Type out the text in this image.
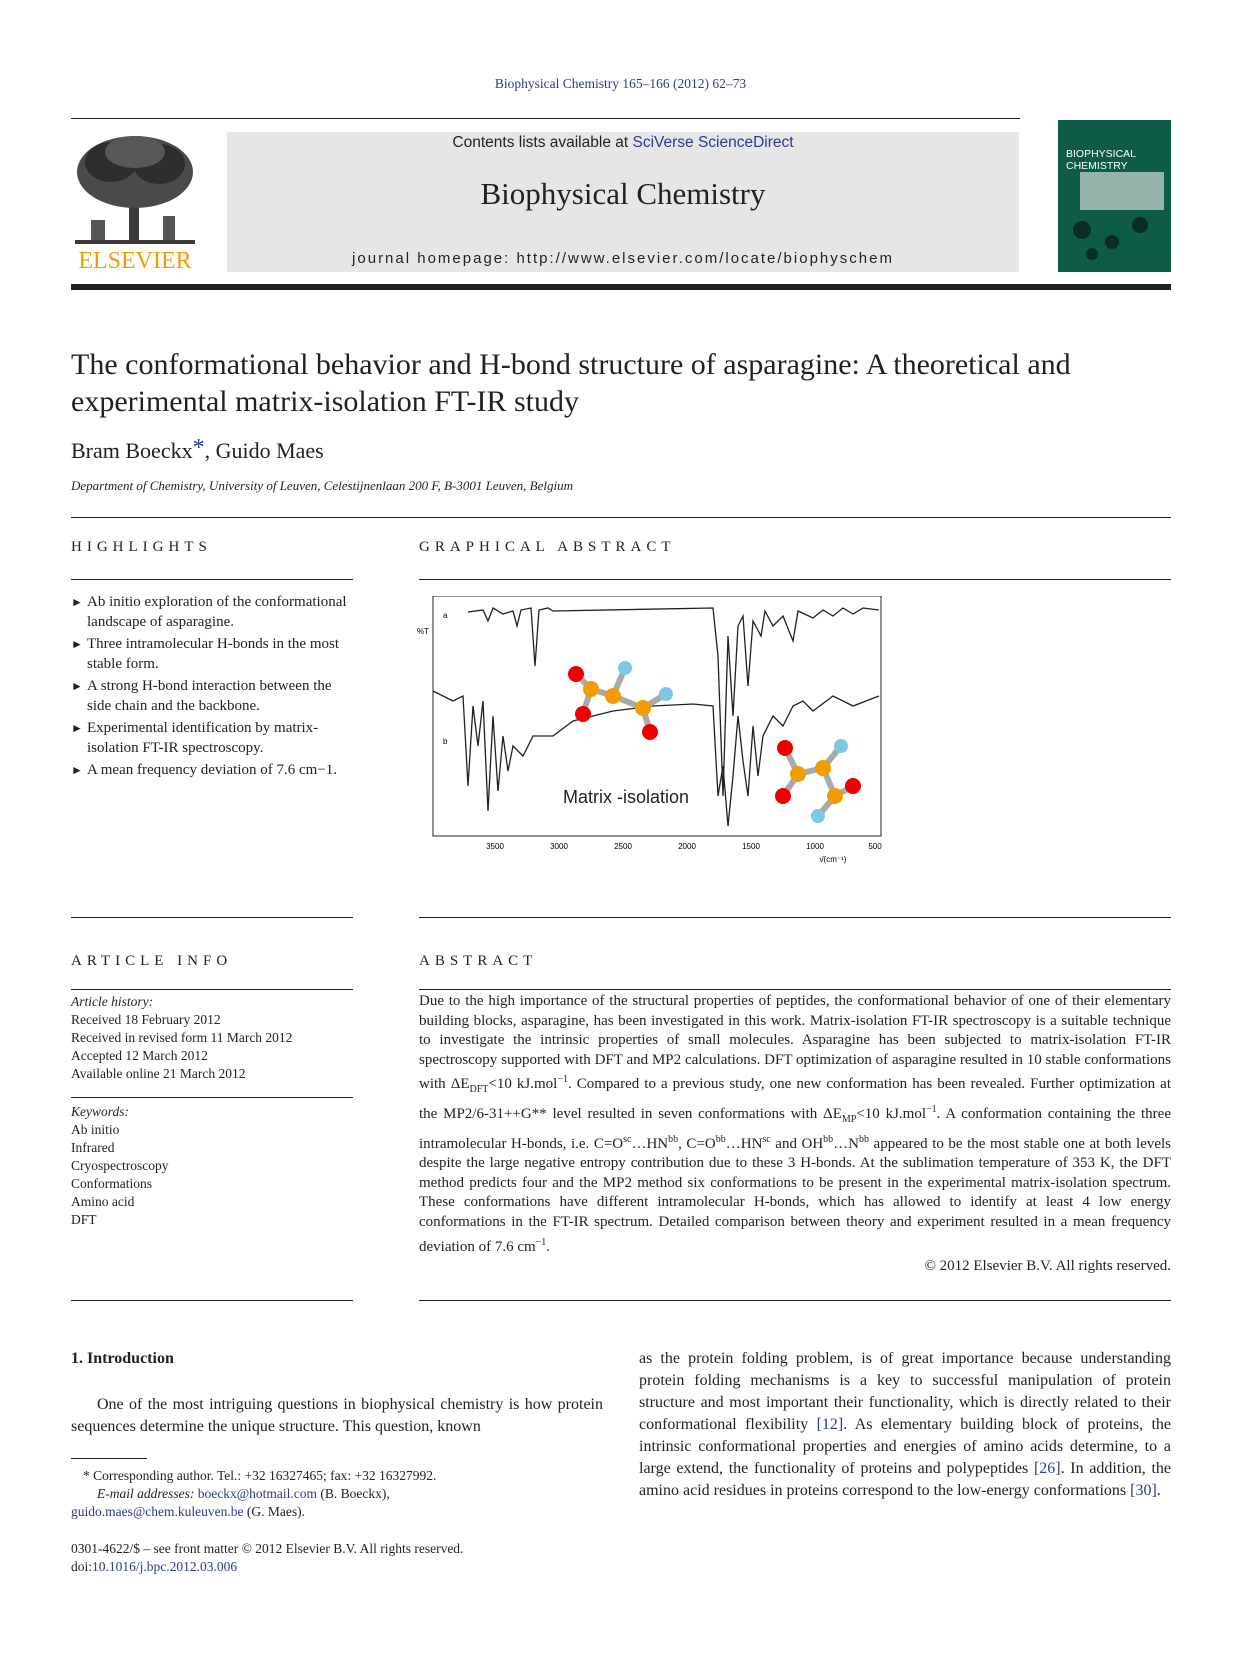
Biophysical Chemistry 165–166 (2012) 62–73
ELSEVIER
Contents lists available at SciVerse ScienceDirect
Biophysical Chemistry
journal homepage: http://www.elsevier.com/locate/biophyschem
BIOPHYSICAL CHEMISTRY
The conformational behavior and H-bond structure of asparagine: A theoretical and experimental matrix-isolation FT-IR study
Bram Boeckx*, Guido Maes
Department of Chemistry, University of Leuven, Celestijnenlaan 200 F, B-3001 Leuven, Belgium
HIGHLIGHTS
► Ab initio exploration of the conformational landscape of asparagine.
► Three intramolecular H-bonds in the most stable form.
► A strong H-bond interaction between the side chain and the backbone.
► Experimental identification by matrix-isolation FT-IR spectroscopy.
► A mean frequency deviation of 7.6 cm−1.
GRAPHICAL ABSTRACT
a
%T
b
Matrix -isolation
3500	3000	2500	2000	1500	1000	500
ν̄(cm⁻¹)
ARTICLE INFO
Article history:
Received 18 February 2012
Received in revised form 11 March 2012
Accepted 12 March 2012
Available online 21 March 2012
Keywords:
Ab initio
Infrared
Cryospectroscopy
Conformations
Amino acid
DFT
ABSTRACT
Due to the high importance of the structural properties of peptides, the conformational behavior of one of their elementary building blocks, asparagine, has been investigated in this work. Matrix-isolation FT-IR spectroscopy is a suitable technique to investigate the intrinsic properties of small molecules. Asparagine has been subjected to matrix-isolation FT-IR spectroscopy supported with DFT and MP2 calculations. DFT optimization of asparagine resulted in 10 stable conformations with $\Delta E_{DFT}<10$ kJ.mol$^{-1}$. Compared to a previous study, one new conformation has been revealed. Further optimization at the MP2/6-31++G** level resulted in seven conformations with $\Delta E_{MP}<10$ kJ.mol$^{-1}$. A conformation containing the three intramolecular H-bonds, i.e. $C=O^{sc}\dots HN^{bb}$, $C=O^{bb}\dots HN^{sc}$ and $OH^{bb}\dots N^{bb}$ appeared to be the most stable one at both levels despite the large negative entropy contribution due to these 3 H-bonds. At the sublimation temperature of 353 K, the DFT method predicts four and the MP2 method six conformations to be present in the experimental matrix-isolation spectrum. These conformations have different intramolecular H-bonds, which has allowed to identify at least 4 low energy conformations in the FT-IR spectrum. Detailed comparison between theory and experiment resulted in a mean frequency deviation of 7.6 $cm^{-1}$.
© 2012 Elsevier B.V. All rights reserved.
1. Introduction
One of the most intriguing questions in biophysical chemistry is how protein sequences determine the unique structure. This question, known
as the protein folding problem, is of great importance because understanding protein folding mechanisms is a key to successful manipulation of protein structure and most important their functionality, which is directly related to their conformational flexibility [12]. As elementary building block of proteins, the intrinsic conformational properties and energies of amino acids determine, to a large extend, the functionality of proteins and polypeptides [26]. In addition, the amino acid residues in proteins correspond to the low-energy conformations [30].
* Corresponding author. Tel.: +32 16327465; fax: +32 16327992.
E-mail addresses: boeckx@hotmail.com (B. Boeckx),
guido.maes@chem.kuleuven.be (G. Maes).
0301-4622/$ – see front matter © 2012 Elsevier B.V. All rights reserved.
doi:10.1016/j.bpc.2012.03.006
